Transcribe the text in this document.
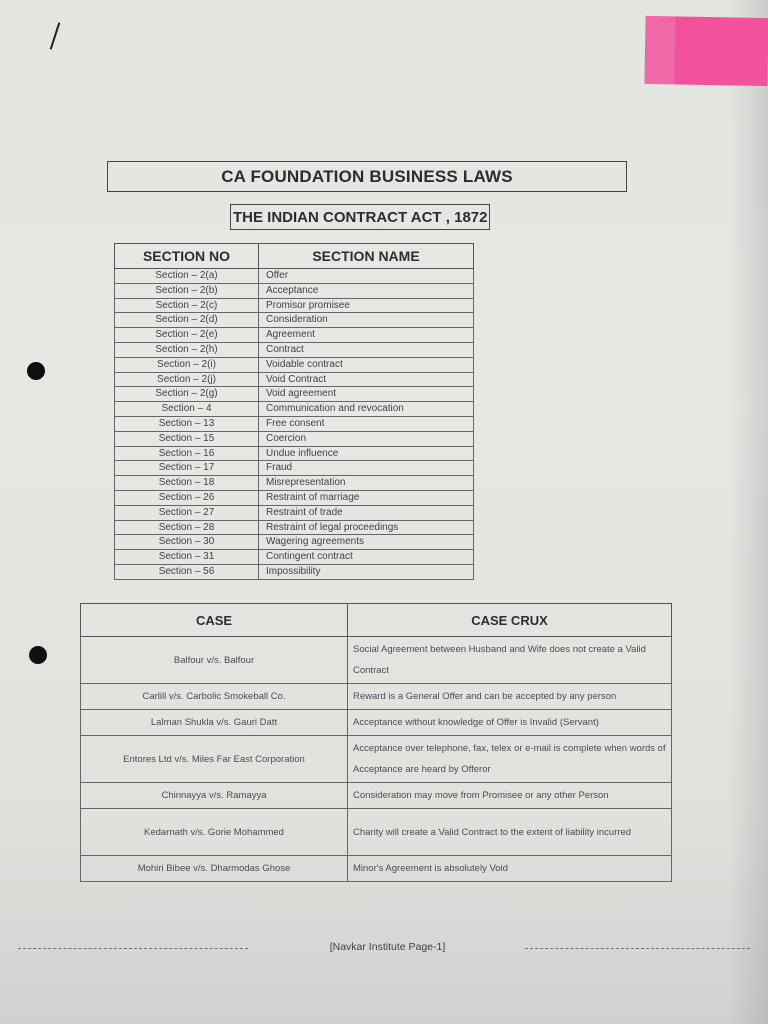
CA FOUNDATION BUSINESS LAWS
THE INDIAN CONTRACT ACT , 1872
SECTION NO	SECTION NAME
Section – 2(a)	Offer
Section – 2(b)	Acceptance
Section – 2(c)	Promisor promisee
Section – 2(d)	Consideration
Section – 2(e)	Agreement
Section – 2(h)	Contract
Section – 2(i)	Voidable contract
Section – 2(j)	Void Contract
Section – 2(g)	Void agreement
Section – 4	Communication and revocation
Section – 13	Free consent
Section – 15	Coercion
Section – 16	Undue influence
Section – 17	Fraud
Section – 18	Misrepresentation
Section – 26	Restraint of marriage
Section – 27	Restraint of trade
Section – 28	Restraint of legal proceedings
Section – 30	Wagering agreements
Section – 31	Contingent contract
Section – 56	Impossibility
CASE	CASE CRUX
Balfour v/s. Balfour	Social Agreement between Husband and Wife does not create a Valid Contract
Carlill v/s. Carbolic Smokeball Co.	Reward is a General Offer and can be accepted by any person
Lalman Shukla v/s. Gauri Datt	Acceptance without knowledge of Offer is Invalid (Servant)
Entores Ltd v/s. Miles Far East Corporation	Acceptance over telephone, fax, telex or e-mail is complete when words of Acceptance are heard by Offeror
Chinnayya v/s. Ramayya	Consideration may move from Promisee or any other Person
Kedarnath v/s. Gorie Mohammed	Charity will create a Valid Contract to the extent of liability incurred
Mohiri Bibee v/s. Dharmodas Ghose	Minor's Agreement is absolutely Void
[Navkar Institute Page-1]
